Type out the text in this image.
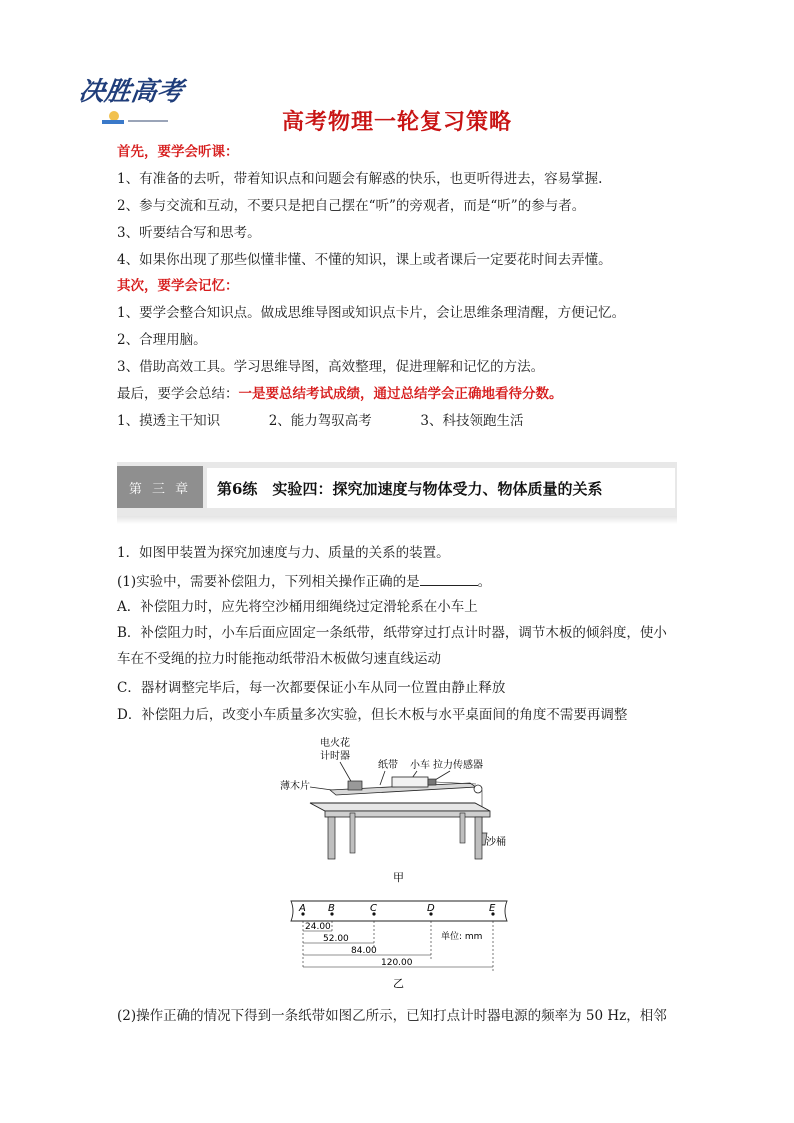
决胜高考
高考物理一轮复习策略
首先，要学会听课：
1、有准备的去听，带着知识点和问题会有解惑的快乐，也更听得进去，容易掌握.
2、参与交流和互动，不要只是把自己摆在“听”的旁观者，而是“听”的参与者。
3、听要结合写和思考。
4、如果你出现了那些似懂非懂、不懂的知识，课上或者课后一定要花时间去弄懂。
其次，要学会记忆：
1、要学会整合知识点。做成思维导图或知识点卡片，会让思维条理清醒，方便记忆。
2、合理用脑。
3、借助高效工具。学习思维导图，高效整理，促进理解和记忆的方法。
最后，要学会总结：一是要总结考试成绩，通过总结学会正确地看待分数。
1、摸透主干知识	2、能力驾驭高考	3、科技领跑生活
第 三 章	第6练　实验四：探究加速度与物体受力、物体质量的关系
1．如图甲装置为探究加速度与力、质量的关系的装置。
(1)实验中，需要补偿阻力，下列相关操作正确的是	。
A．补偿阻力时，应先将空沙桶用细绳绕过定滑轮系在小车上
B．补偿阻力时，小车后面应固定一条纸带，纸带穿过打点计时器，调节木板的倾斜度，使小车在不受绳的拉力时能拖动纸带沿木板做匀速直线运动
C．器材调整完毕后，每一次都要保证小车从同一位置由静止释放
D．补偿阻力后，改变小车质量多次实验，但长木板与水平桌面间的角度不需要再调整
电火花
计时器
纸带 小车 拉力传感器
薄木片
沙桶
甲
A B	C	D	E
24.00
52.00
84.00
120.00
单位: mm
乙
(2)操作正确的情况下得到一条纸带如图乙所示，已知打点计时器电源的频率为 50 Hz，相邻
